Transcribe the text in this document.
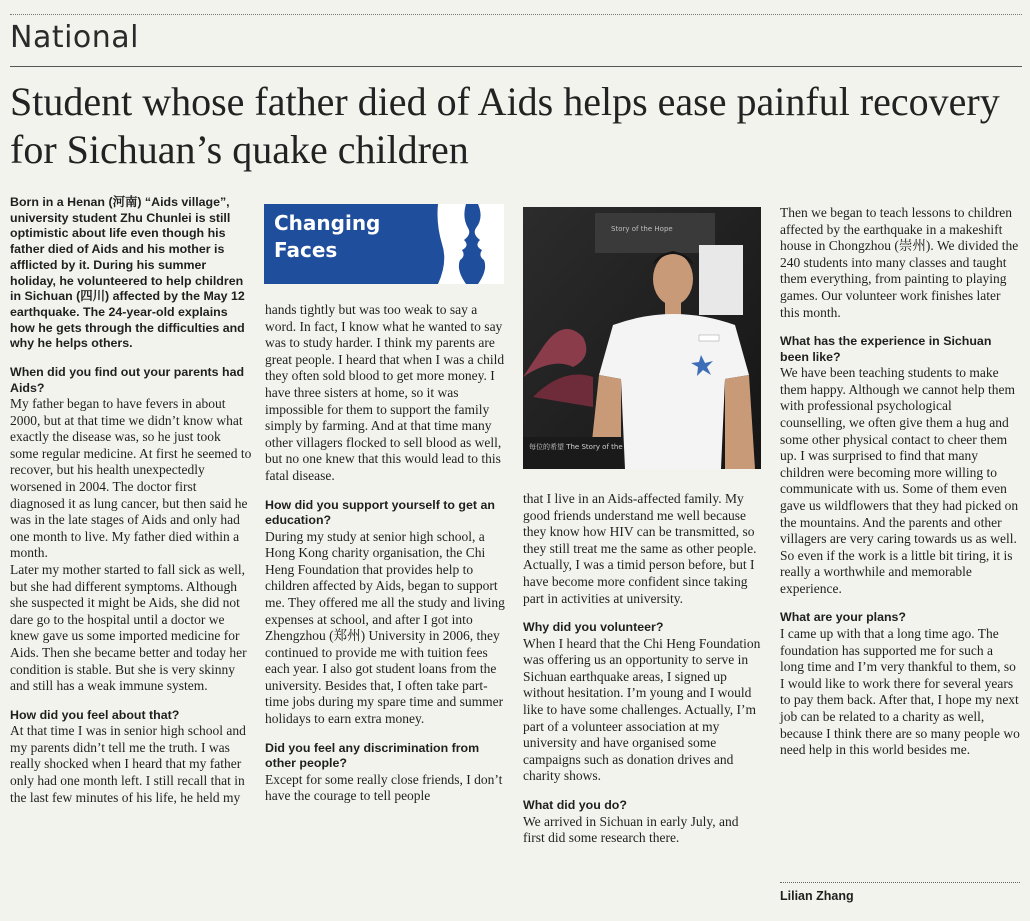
National
Student whose father died of Aids helps ease painful recovery for Sichuan’s quake children

Born in a Henan (河南) “Aids village”, university student Zhu Chunlei is still optimistic about life even though his father died of Aids and his mother is afflicted by it. During his summer holiday, he volunteered to help children in Sichuan (四川) affected by the May 12 earthquake. The 24-year-old explains how he gets through the difficulties and why he helps others.

When did you find out your parents had Aids?

My father began to have fevers in about 2000, but at that time we didn’t know what exactly the disease was, so he just took some regular medicine. At first he seemed to recover, but his health unexpectedly worsened in 2004. The doctor first diagnosed it as lung cancer, but then said he was in the late stages of Aids and only had one month to live. My father died within a month.

Later my mother started to fall sick as well, but she had different symptoms. Although she suspected it might be Aids, she did not dare go to the hospital until a doctor we knew gave us some imported medicine for Aids. Then she became better and today her condition is stable. But she is very skinny and still has a weak immune system.

How did you feel about that?

At that time I was in senior high school and my parents didn’t tell me the truth. I was really shocked when I heard that my father only had one month left. I still recall that in the last few minutes of his life, he held my

Changing
Faces

hands tightly but was too weak to say a word. In fact, I know what he wanted to say was to study harder. I think my parents are great people. I heard that when I was a child they often sold blood to get more money. I have three sisters at home, so it was impossible for them to support the family simply by farming. And at that time many other villagers flocked to sell blood as well, but no one knew that this would lead to this fatal disease.

How did you support yourself to get an education?

During my study at senior high school, a Hong Kong charity organisation, the Chi Heng Foundation that provides help to children affected by Aids, began to support me. They offered me all the study and living expenses at school, and after I got into Zhengzhou (郑州) University in 2006, they continued to provide me with tuition fees each year. I also got student loans from the university. Besides that, I often take part-time jobs during my spare time and summer holidays to earn extra money.

Did you feel any discrimination from other people?

Except for some really close friends, I don’t have the courage to tell people

Story of the Hope
每位的希望 The Story of the

that I live in an Aids-affected family. My good friends understand me well because they know how HIV can be transmitted, so they still treat me the same as other people. Actually, I was a timid person before, but I have become more confident since taking part in activities at university.

Why did you volunteer?

When I heard that the Chi Heng Foundation was offering us an opportunity to serve in Sichuan earthquake areas, I signed up without hesitation. I’m young and I would like to have some challenges. Actually, I’m part of a volunteer association at my university and have organised some campaigns such as donation drives and charity shows.

What did you do?

We arrived in Sichuan in early July, and first did some research there.

Then we began to teach lessons to children affected by the earthquake in a makeshift house in Chongzhou (崇州). We divided the 240 students into many classes and taught them everything, from painting to playing games. Our volunteer work finishes later this month.

What has the experience in Sichuan been like?

We have been teaching students to make them happy. Although we cannot help them with professional psychological counselling, we often give them a hug and some other physical contact to cheer them up. I was surprised to find that many children were becoming more willing to communicate with us. Some of them even gave us wildflowers that they had picked on the mountains. And the parents and other villagers are very caring towards us as well. So even if the work is a little bit tiring, it is really a worthwhile and memorable experience.

What are your plans?

I came up with that a long time ago. The foundation has supported me for such a long time and I’m very thankful to them, so I would like to work there for several years to pay them back. After that, I hope my next job can be related to a charity as well, because I think there are so many people wo need help in this world besides me.

Lilian Zhang
